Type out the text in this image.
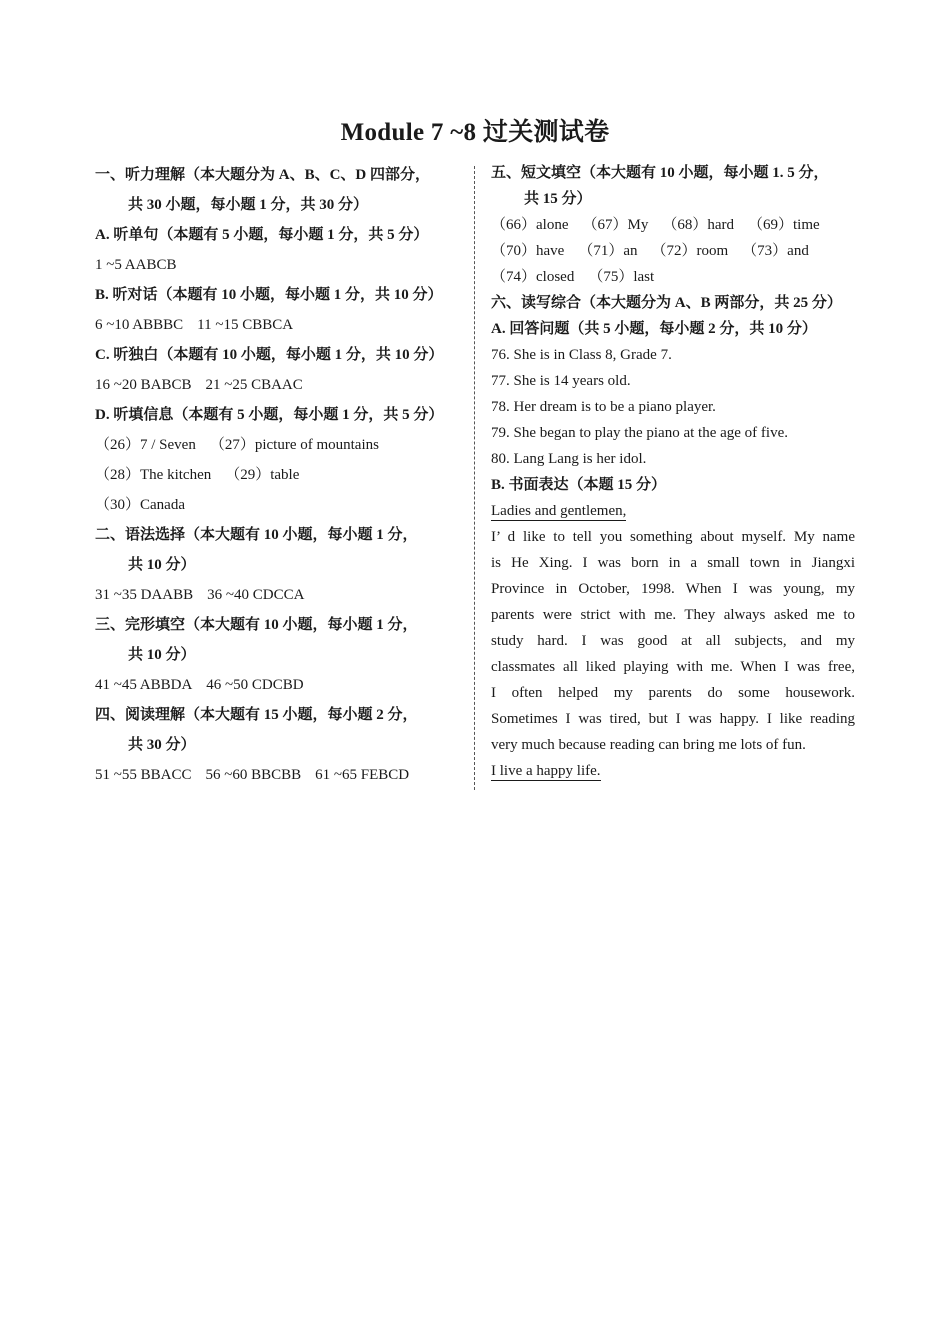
Module 7 ~8 过关测试卷
一、听力理解（本大题分为 A、B、C、D 四部分，
共 30 小题，每小题 1 分，共 30 分）
A. 听单句（本题有 5 小题，每小题 1 分，共 5 分）
1 ~5 AABCB
B. 听对话（本题有 10 小题，每小题 1 分，共 10 分）
6 ~10 ABBBC 11 ~15 CBBCA
C. 听独白（本题有 10 小题，每小题 1 分，共 10 分）
16 ~20 BABCB 21 ~25 CBAAC
D. 听填信息（本题有 5 小题，每小题 1 分，共 5 分）
（26）7 / Seven （27）picture of mountains
（28）The kitchen （29）table
（30）Canada
二、语法选择（本大题有 10 小题，每小题 1 分，
共 10 分）
31 ~35 DAABB 36 ~40 CDCCA
三、完形填空（本大题有 10 小题，每小题 1 分，
共 10 分）
41 ~45 ABBDA 46 ~50 CDCBD
四、阅读理解（本大题有 15 小题，每小题 2 分，
共 30 分）
51 ~55 BBACC 56 ~60 BBCBB 61 ~65 FEBCD
五、短文填空（本大题有 10 小题，每小题 1. 5 分，
共 15 分）
（66）alone （67）My （68）hard （69）time
（70）have （71）an （72）room （73）and
（74）closed （75）last
六、读写综合（本大题分为 A、B 两部分，共 25 分）
A. 回答问题（共 5 小题，每小题 2 分，共 10 分）
76. She is in Class 8, Grade 7.
77. She is 14 years old.
78. Her dream is to be a piano player.
79. She began to play the piano at the age of five.
80. Lang Lang is her idol.
B. 书面表达（本题 15 分）
Ladies and gentlemen,
I’ d like to tell you something about myself. My name
is He Xing. I was born in a small town in Jiangxi
Province in October, 1998. When I was young, my
parents were strict with me. They always asked me to
study hard. I was good at all subjects, and my
classmates all liked playing with me. When I was free,
I often helped my parents do some housework.
Sometimes I was tired, but I was happy. I like reading
very much because reading can bring me lots of fun.
I live a happy life.
